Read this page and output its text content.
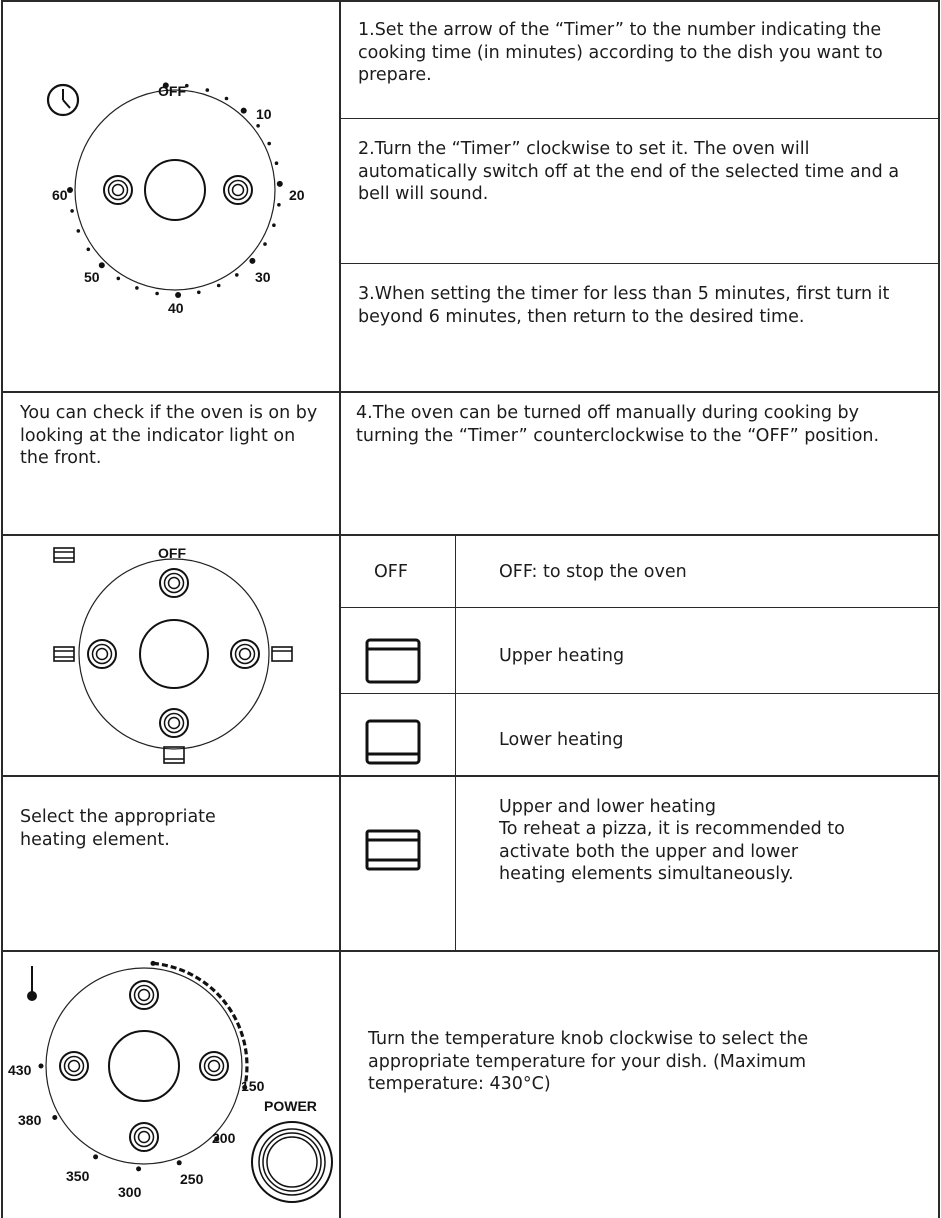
1.Set the arrow of the “Timer” to the number indicating the cooking time (in minutes) according to the dish you want to prepare.
2.Turn the “Timer” clockwise to set it. The oven will automatically switch off at the end of the selected time and a bell will sound.
3.When setting the timer for less than 5 minutes, first turn it beyond 6 minutes, then return to the desired time.
You can check if the oven is on by looking at the indicator light on the front.
4.The oven can be turned off manually during cooking by turning the “Timer” counterclockwise to the “OFF” position.
OFF	OFF: to stop the oven
Upper heating
Lower heating
Select the appropriate heating element.
Upper and lower heating
To reheat a pizza, it is recommended to activate both the upper and lower heating elements simultaneously.
Turn the temperature knob clockwise to select the appropriate temperature for your dish. (Maximum temperature: 430°C)
OFF
10
20
30
40
50
60
OFF
150
200
250
300
350
380
430
POWER
